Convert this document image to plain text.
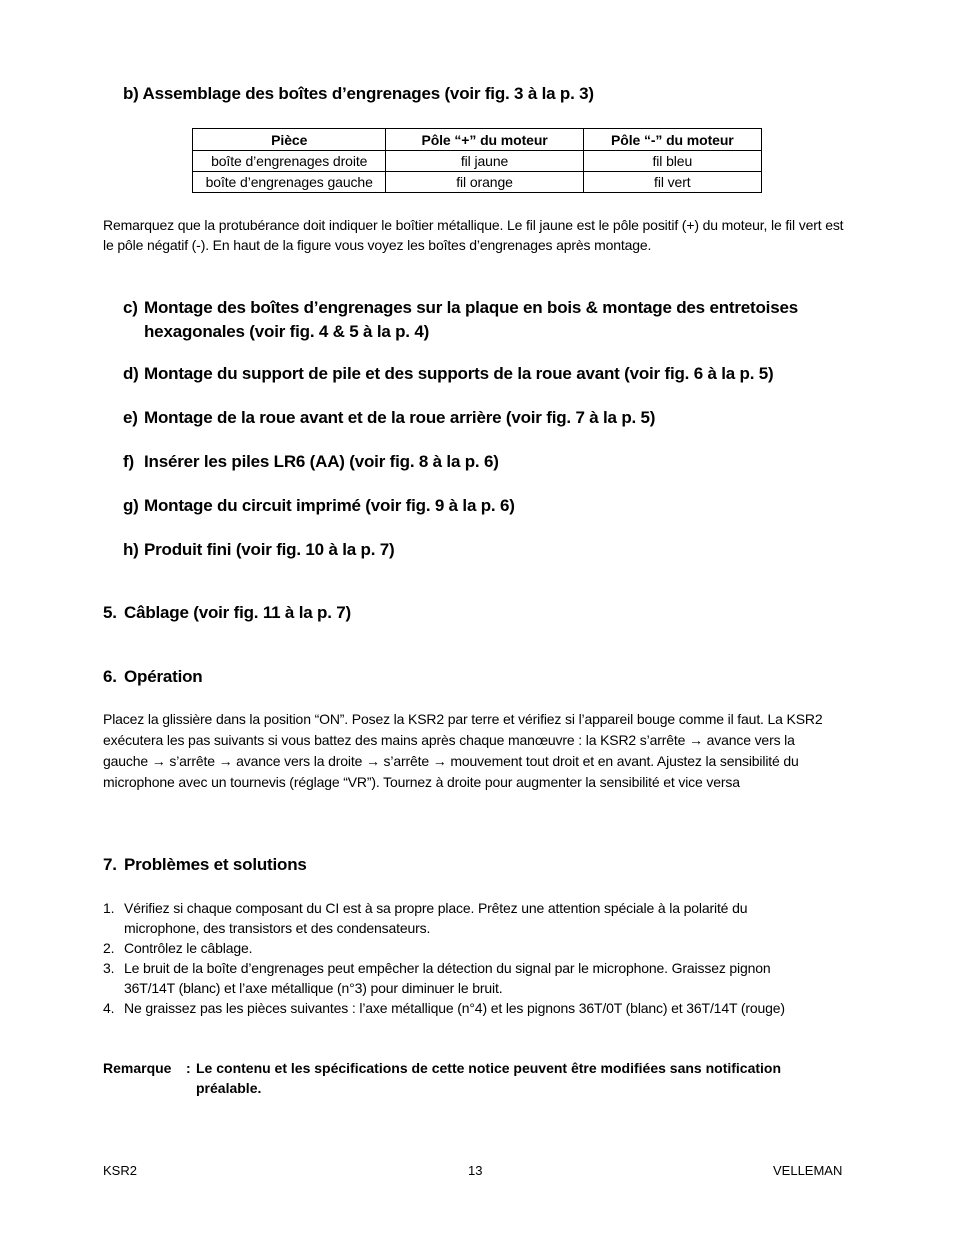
b) Assemblage des boîtes d’engrenages (voir fig. 3 à la p. 3)
Pièce	Pôle “+” du moteur	Pôle “-” du moteur
boîte d’engrenages droite	fil jaune	fil bleu
boîte d’engrenages gauche	fil orange	fil vert
Remarquez que la protubérance doit indiquer le boîtier métallique. Le fil jaune est le pôle positif (+) du moteur, le fil vert est le pôle négatif (-). En haut de la figure vous voyez les boîtes d’engrenages après montage.
c) Montage des boîtes d’engrenages sur la plaque en bois & montage des entretoises hexagonales (voir fig. 4 & 5 à la p. 4)
d) Montage du support de pile et des supports de la roue avant (voir fig. 6 à la p. 5)
e) Montage de la roue avant et de la roue arrière (voir fig. 7 à la p. 5)
f) Insérer les piles LR6 (AA) (voir fig. 8 à la p. 6)
g) Montage du circuit imprimé (voir fig. 9 à la p. 6)
h) Produit fini (voir fig. 10 à la p. 7)
5. Câblage (voir fig. 11 à la p. 7)
6. Opération
Placez la glissière dans la position “ON”. Posez la KSR2 par terre et vérifiez si l’appareil bouge comme il faut. La KSR2 exécutera les pas suivants si vous battez des mains après chaque manœuvre : la KSR2 s’arrête → avance vers la gauche → s’arrête → avance vers la droite → s’arrête → mouvement tout droit et en avant. Ajustez la sensibilité du microphone avec un tournevis (réglage “VR”). Tournez à droite pour augmenter la sensibilité et vice versa
7. Problèmes et solutions
1. Vérifiez si chaque composant du CI est à sa propre place. Prêtez une attention spéciale à la polarité du microphone, des transistors et des condensateurs.
2. Contrôlez le câblage.
3. Le bruit de la boîte d’engrenages peut empêcher la détection du signal par le microphone. Graissez pignon 36T/14T (blanc) et l’axe métallique (n°3) pour diminuer le bruit.
4. Ne graissez pas les pièces suivantes : l’axe métallique (n°4) et les pignons 36T/0T (blanc) et 36T/14T (rouge)
Remarque : Le contenu et les spécifications de cette notice peuvent être modifiées sans notification préalable.
KSR2	13	VELLEMAN
